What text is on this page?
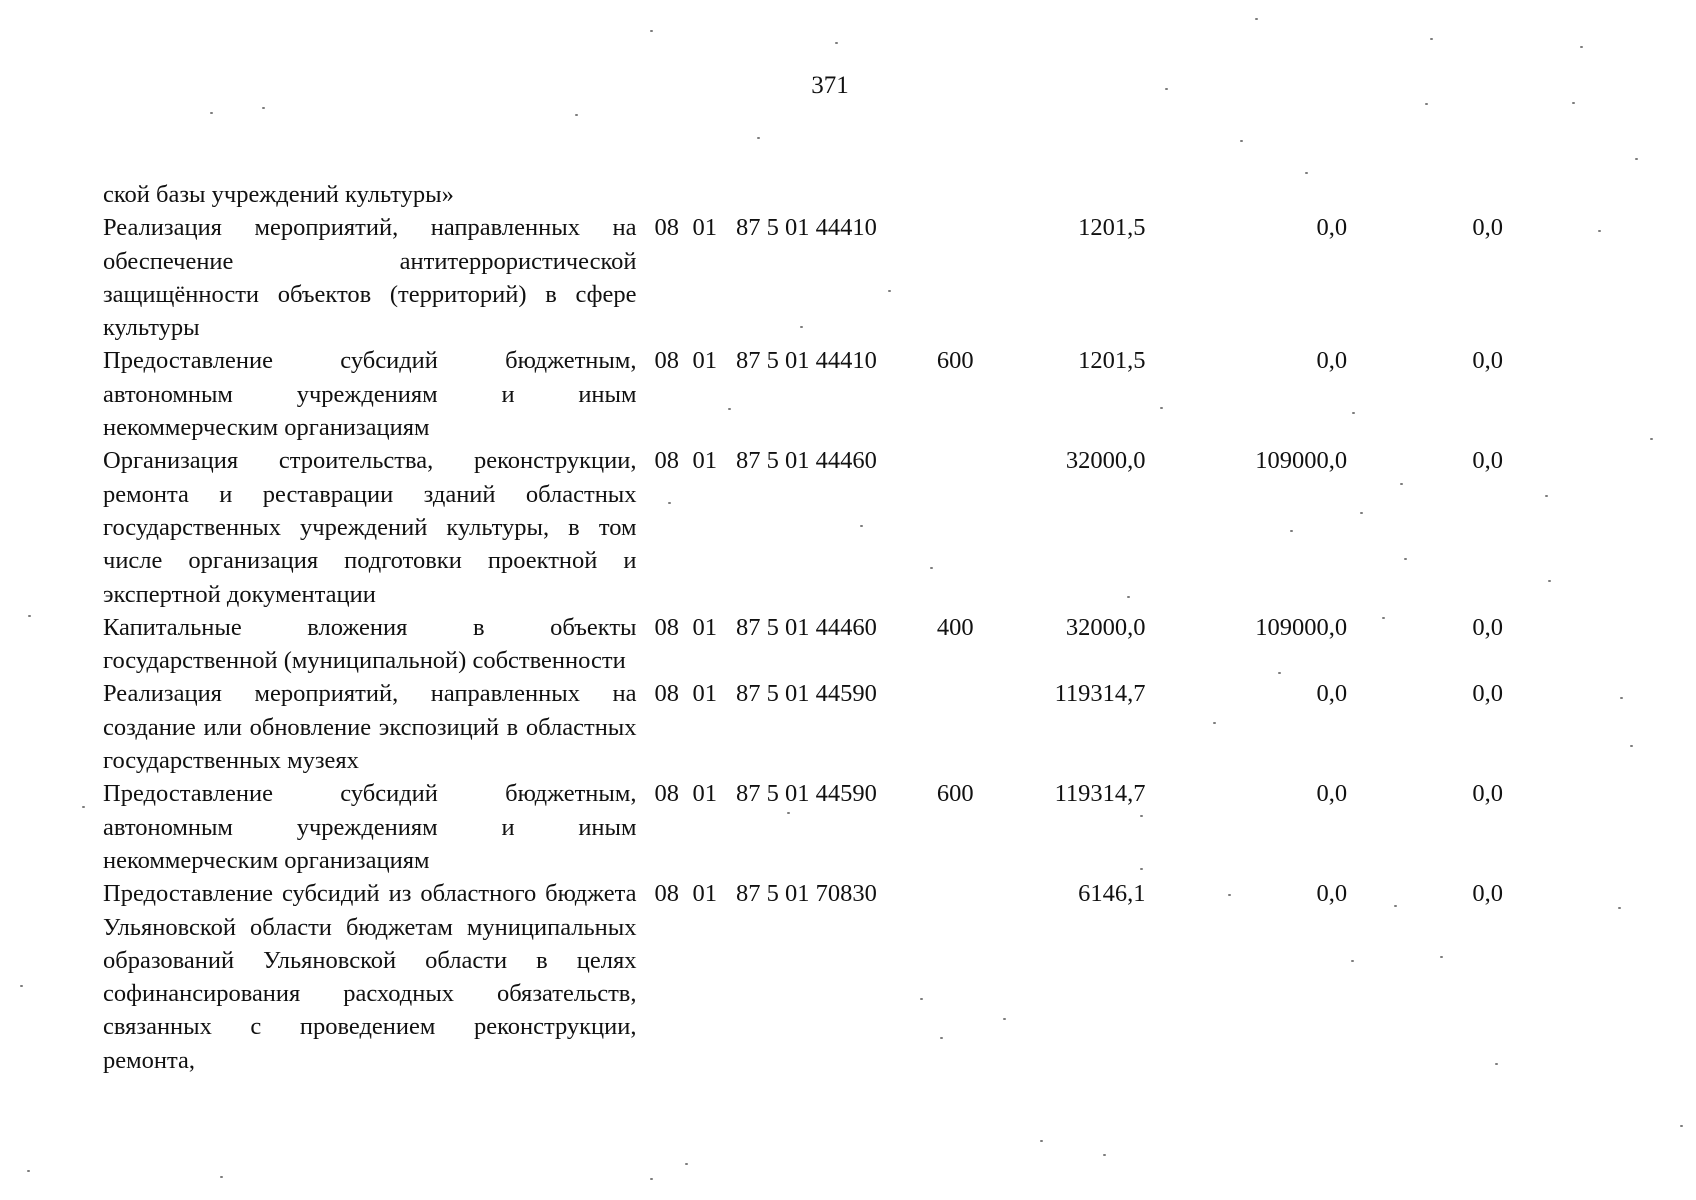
371
ской базы учреждений культуры»							
Реализация мероприятий, направленных на обеспечение антитеррористической защищённости объектов (территорий) в сфере культуры	08	01	87 5 01 44410		1201,5	0,0	0,0
Предоставление субсидий бюджетным, автономным учреждениям и иным некоммерческим организациям	08	01	87 5 01 44410	600	1201,5	0,0	0,0
Организация строительства, реконструкции, ремонта и реставрации зданий областных государственных учреждений культуры, в том числе организация подготовки проектной и экспертной документации	08	01	87 5 01 44460		32000,0	109000,0	0,0
Капитальные вложения в объекты государственной (муниципальной) собственности	08	01	87 5 01 44460	400	32000,0	109000,0	0,0
Реализация мероприятий, направленных на создание или обновление экспозиций в областных государственных музеях	08	01	87 5 01 44590		119314,7	0,0	0,0
Предоставление субсидий бюджетным, автономным учреждениям и иным некоммерческим организациям	08	01	87 5 01 44590	600	119314,7	0,0	0,0
Предоставление субсидий из областного бюджета Ульяновской области бюджетам муниципальных образований Ульяновской области в целях софинансирования расходных обязательств, связанных с проведением реконструкции, ремонта,	08	01	87 5 01 70830		6146,1	0,0	0,0
